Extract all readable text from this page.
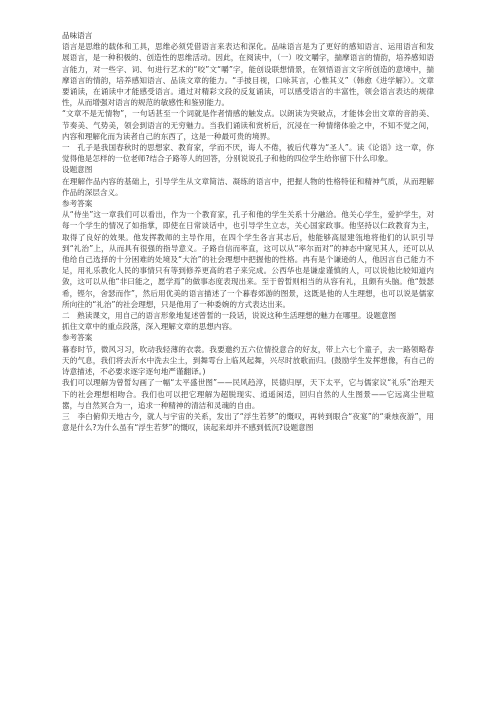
品味语言

语言是思维的载体和工具，思维必须凭借语言来表达和深化。品味语言是为了更好的感知语言、运用语言和发展语言，是一种积极的、创造性的思维活动。因此，在阅读中，（一）咬文嚼字，揣摩语言的情韵，培养感知语言能力，对一些字、词、句进行艺术的“咬”文“嚼”字，能创设联想情景，在领悟语言文字所创造的意境中，揣摩语言的情韵，培养感知语言、品读文章的能力。“手披目视，口咏其言，心惟其义”（韩愈《进学解》）。文章要诵读，在诵读中才能感受语言。通过对精彩文段的反复诵读，可以感受语言的丰富性，领会语言表达的规律性，从而增强对语言的规范的敏感性和鉴别能力。

“文章不是无情物”，一句话甚至一个词就是作者情感的触发点。以朗读为突破点，才能体会出文章的音韵美、节奏美、气势美，领会到语言的无穷魅力。当我们诵读和赏析后，沉浸在一种情绪体验之中，不知不觉之间，内容和理解化而为读者自己的东西了，这是一种最可贵的境界。

一　孔子是我国春秋时的思想家、教育家，学而不厌，诲人不倦，被后代尊为“圣人”。读《论语》这一章，你觉得他是怎样的一位老师?结合子路等人的回答，分别说说孔子和他的四位学生给你留下什么印象。

设题意图

在理解作品内容的基础上，引导学生从文章简洁、凝练的语言中，把握人物的性格特征和精神气质，从而理解作品的深层含义。

参考答案

从“侍坐”这一章我们可以看出，作为一个教育家，孔子和他的学生关系十分融洽。他关心学生，爱护学生，对每一个学生的情况了如指掌，即使在日常谈话中，也引导学生立志，关心国家政事。他坚持以仁政教育为主，取得了良好的效果。他发挥教师的主导作用，在四个学生各言其志后，他能够高屋建瓴地将他们的认识引导到“礼治”上，从而具有很强的指导意义。子路自信而率直，这可以从“率尔而对”的神态中窥见其人，还可以从他给自己选择的十分困难的处境及“大治”的社会理想中把握他的性格。冉有是个谦逊的人，他因言自己能力不足，用礼乐教化人民的事情只有等到修养更高的君子来完成。公西华也是谦虚谨慎的人，可以说他比较知道内敛，这可以从他“非曰能之，愿学焉”的做事态度表现出来。至于曾皙则相当的从容有礼，且颇有头脑。他“鼓瑟希，铿尔，舍瑟而作”，然后用优美的语言描述了一个暮春郊游的图景，这既是他的人生理想，也可以说是儒家所向往的“礼治”的社会理想，只是他用了一种委婉的方式表达出来。

二　熟读课文，用自己的语言形象地复述曾皙的一段话，说说这种生活理想的魅力在哪里。设题意图

抓住文章中的重点段落，深入理解文章的思想内容。

参考答案

暮春时节，微风习习，吹动我轻薄的衣裳。我要邀约五六位情投意合的好友，带上六七个童子，去一路领略春天的气息，我们将去沂水中洗去尘土，到舞雩台上临风起舞，兴尽时放歌而归。(鼓励学生发挥想像，有自己的诗意描述，不必要求逐字逐句地严谨翻译。)

我们可以理解为曾皙勾画了一幅“太平盛世图”——民风趋淳，民德归厚，天下太平，它与儒家议“礼乐”治理天下的社会理想相吻合。我们也可以把它理解为超脱现实、逍遥闲适，回归自然的人生图景——它远离尘世喧嚣，与自然冥合为一，追求一种精神的清洁和灵魂的自由。

三　李白俯仰天地古今，就人与宇宙的关系，发出了“浮生若梦”的慨叹，再转到眼合“夜宴”的“秉烛夜游”，用意是什么?为什么虽有“浮生若梦”的慨叹，读起来却并不感到低沉?设题意图
